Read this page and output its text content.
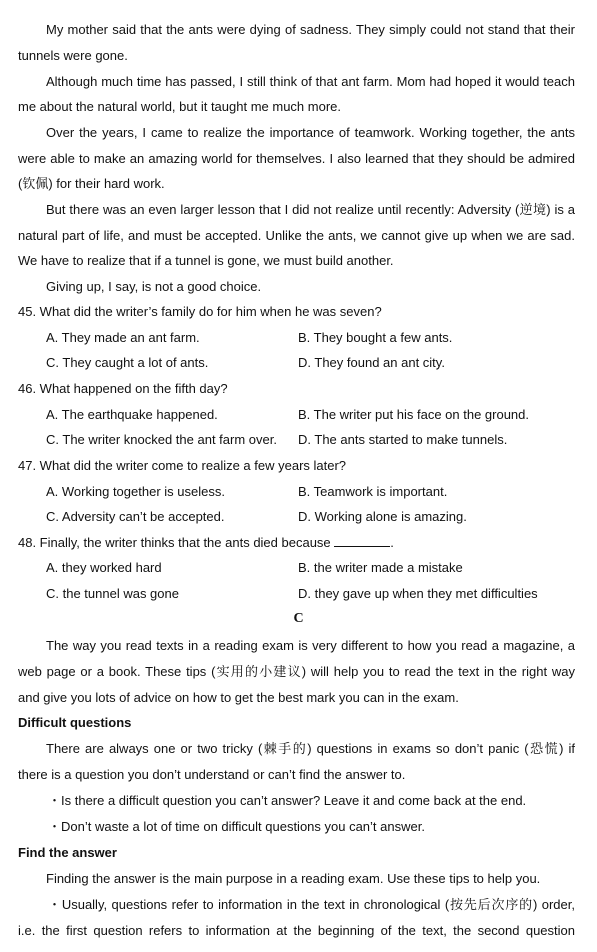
My mother said that the ants were dying of sadness. They simply could not stand that their
tunnels were gone.
Although much time has passed, I still think of that ant farm. Mom had hoped it would teach
me about the natural world, but it taught me much more.
Over the years, I came to realize the importance of teamwork. Working together, the ants
were able to make an amazing world for themselves. I also learned that they should be admired
(钦佩) for their hard work.
But there was an even larger lesson that I did not realize until recently: Adversity (逆境) is a
natural part of life, and must be accepted. Unlike the ants, we cannot give up when we are sad.
We have to realize that if a tunnel is gone, we must build another.
Giving up, I say, is not a good choice.
45. What did the writer’s family do for him when he was seven?
A. They made an ant farm.	B. They bought a few ants.
C. They caught a lot of ants.	D. They found an ant city.
46. What happened on the fifth day?
A. The earthquake happened.	B. The writer put his face on the ground.
C. The writer knocked the ant farm over. D. The ants started to make tunnels.
47. What did the writer come to realize a few years later?
A. Working together is useless.	B. Teamwork is important.
C. Adversity can’t be accepted.	D. Working alone is amazing.
48. Finally, the writer thinks that the ants died because	.
A. they worked hard	B. the writer made a mistake
C. the tunnel was gone	D. they gave up when they met difficulties
C
The way you read texts in a reading exam is very different to how you read a magazine, a
web page or a book. These tips (实用的小建议) will help you to read the text in the right way
and give you lots of advice on how to get the best mark you can in the exam.
Difficult questions
There are always one or two tricky (棘手的) questions in exams so don’t panic (恐慌) if
there is a question you don’t understand or can’t find the answer to.
・Is there a difficult question you can’t answer? Leave it and come back at the end.
・Don’t waste a lot of time on difficult questions you can’t answer.
Find the answer
Finding the answer is the main purpose in a reading exam. Use these tips to help you.
・Usually, questions refer to information in the text in chronological (按先后次序的) order,
i.e. the first question refers to information at the beginning of the text, the second question
